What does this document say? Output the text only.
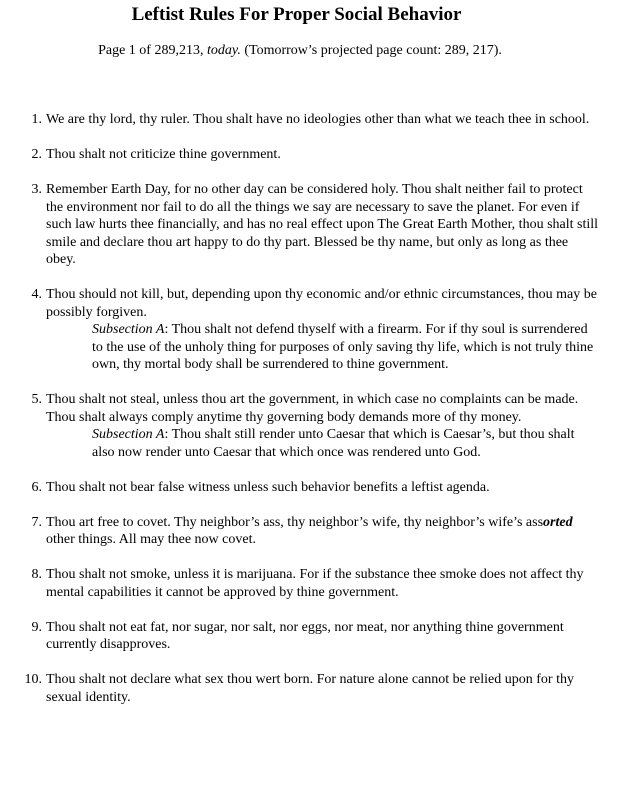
Leftist Rules For Proper Social Behavior
Page 1 of 289,213, today. (Tomorrow’s projected page count: 289, 217).
1. We are thy lord, thy ruler. Thou shalt have no ideologies other than what we teach thee in school.
2. Thou shalt not criticize thine government.
3. Remember Earth Day, for no other day can be considered holy. Thou shalt neither fail to protect the environment nor fail to do all the things we say are necessary to save the planet. For even if such law hurts thee financially, and has no real effect upon The Great Earth Mother, thou shalt still smile and declare thou art happy to do thy part. Blessed be thy name, but only as long as thee obey.
4. Thou should not kill, but, depending upon thy economic and/or ethnic circumstances, thou may be possibly forgiven.
Subsection A: Thou shalt not defend thyself with a firearm. For if thy soul is surrendered to the use of the unholy thing for purposes of only saving thy life, which is not truly thine own, thy mortal body shall be surrendered to thine government.
5. Thou shalt not steal, unless thou art the government, in which case no complaints can be made. Thou shalt always comply anytime thy governing body demands more of thy money.
Subsection A: Thou shalt still render unto Caesar that which is Caesar’s, but thou shalt also now render unto Caesar that which once was rendered unto God.
6. Thou shalt not bear false witness unless such behavior benefits a leftist agenda.
7. Thou art free to covet. Thy neighbor’s ass, thy neighbor’s wife, thy neighbor’s wife’s assorted other things. All may thee now covet.
8. Thou shalt not smoke, unless it is marijuana. For if the substance thee smoke does not affect thy mental capabilities it cannot be approved by thine government.
9. Thou shalt not eat fat, nor sugar, nor salt, nor eggs, nor meat, nor anything thine government currently disapproves.
10. Thou shalt not declare what sex thou wert born. For nature alone cannot be relied upon for thy sexual identity.
